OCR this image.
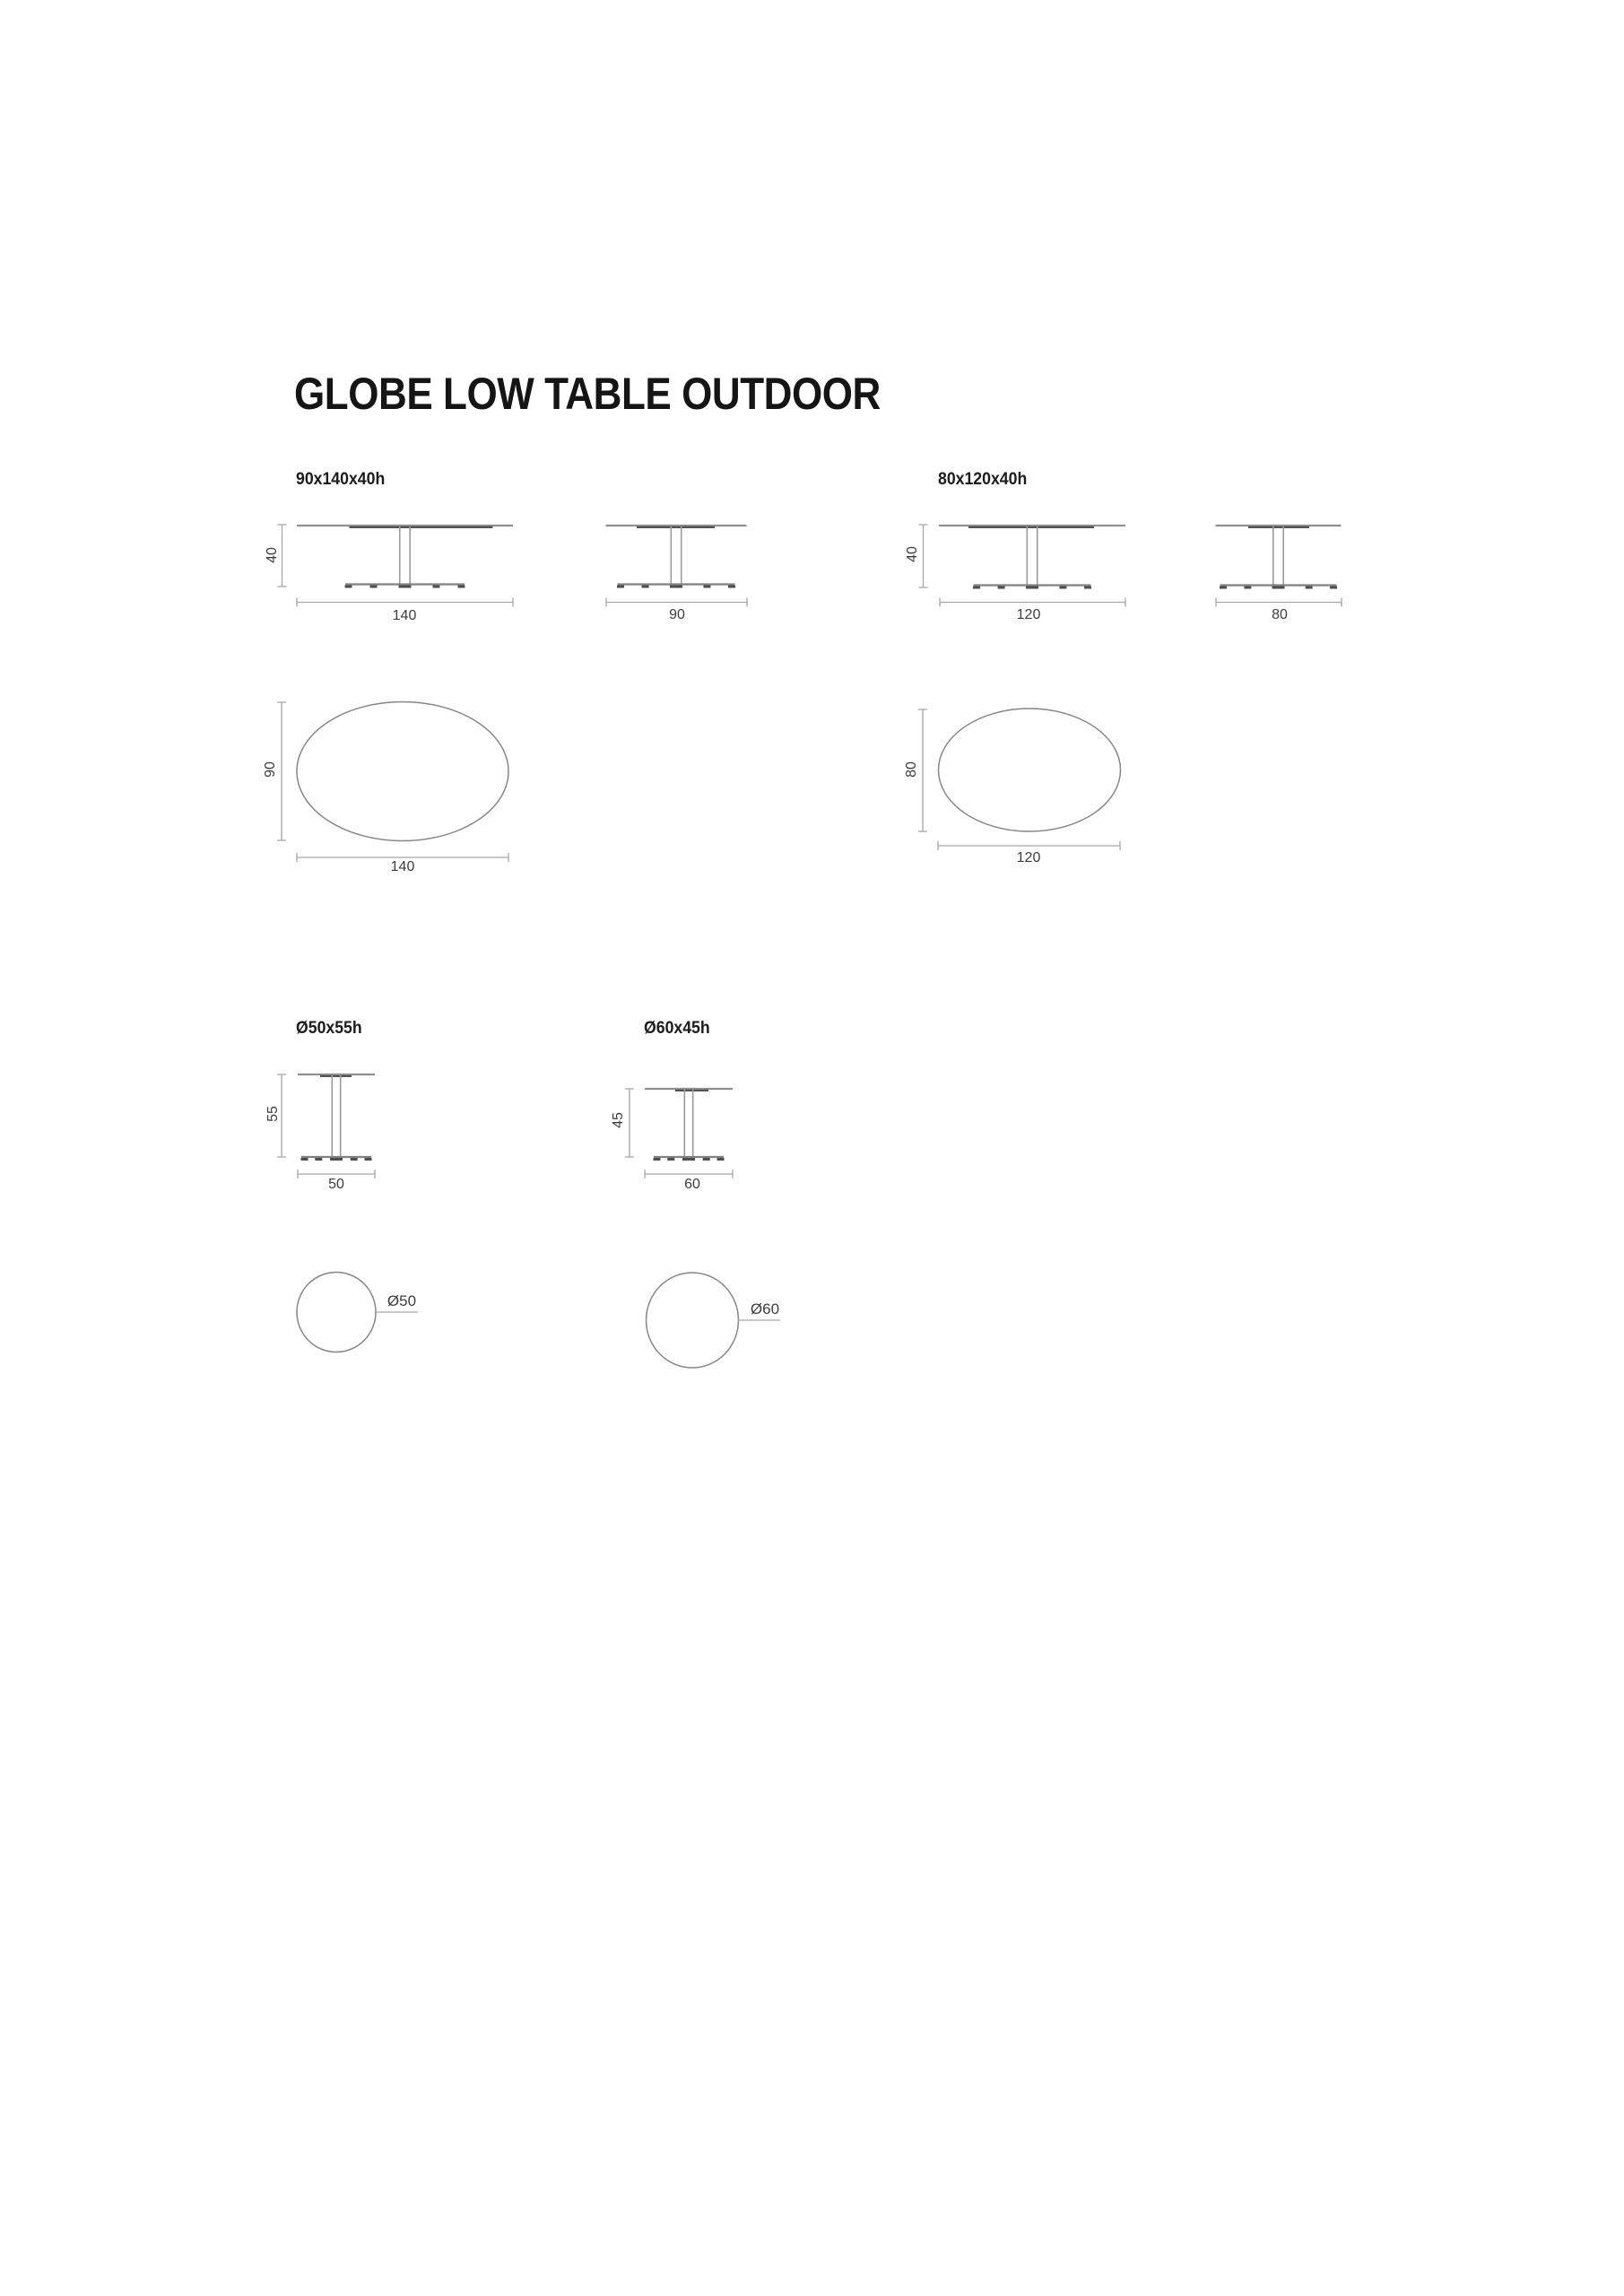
GLOBE LOW TABLE OUTDOOR
90x140x40h	80x120x40h
Ø50x55h	Ø60x45h
40
140	90
40
120	80
90
140
80
120
55
50
45
60
Ø50	Ø60
